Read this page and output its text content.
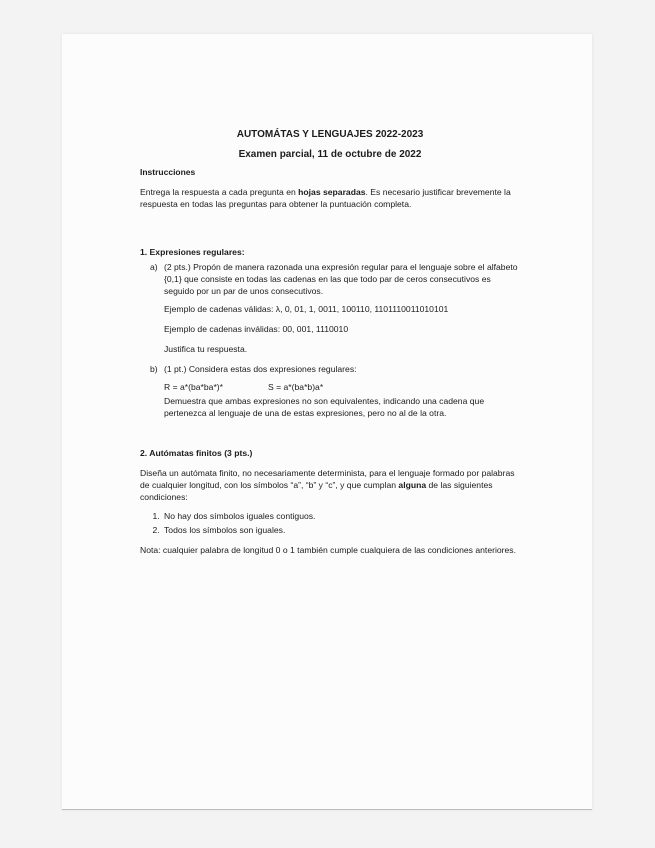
AUTOMÁTAS Y LENGUAJES 2022-2023

Examen parcial, 11 de octubre de 2022

Instrucciones

Entrega la respuesta a cada pregunta en hojas separadas. Es necesario justificar brevemente la respuesta en todas las preguntas para obtener la puntuación completa.

1. Expresiones regulares:

a) (2 pts.) Propón de manera razonada una expresión regular para el lenguaje sobre el alfabeto {0,1} que consiste en todas las cadenas en las que todo par de ceros consecutivos es seguido por un par de unos consecutivos.

Ejemplo de cadenas válidas: λ, 0, 01, 1, 0011, 100110, 1101110011010101

Ejemplo de cadenas inválidas: 00, 001, 1110010

Justifica tu respuesta.

b) (1 pt.) Considera estas dos expresiones regulares:

R = a*(ba*ba*)*	S = a*(ba*b)a*

Demuestra que ambas expresiones no son equivalentes, indicando una cadena que pertenezca al lenguaje de una de estas expresiones, pero no al de la otra.

2. Autómatas finitos (3 pts.)

Diseña un autómata finito, no necesariamente determinista, para el lenguaje formado por palabras de cualquier longitud, con los símbolos “a”, “b” y “c”, y que cumplan alguna de las siguientes condiciones:

1. No hay dos símbolos iguales contiguos.
2. Todos los símbolos son iguales.

Nota: cualquier palabra de longitud 0 o 1 también cumple cualquiera de las condiciones anteriores.
